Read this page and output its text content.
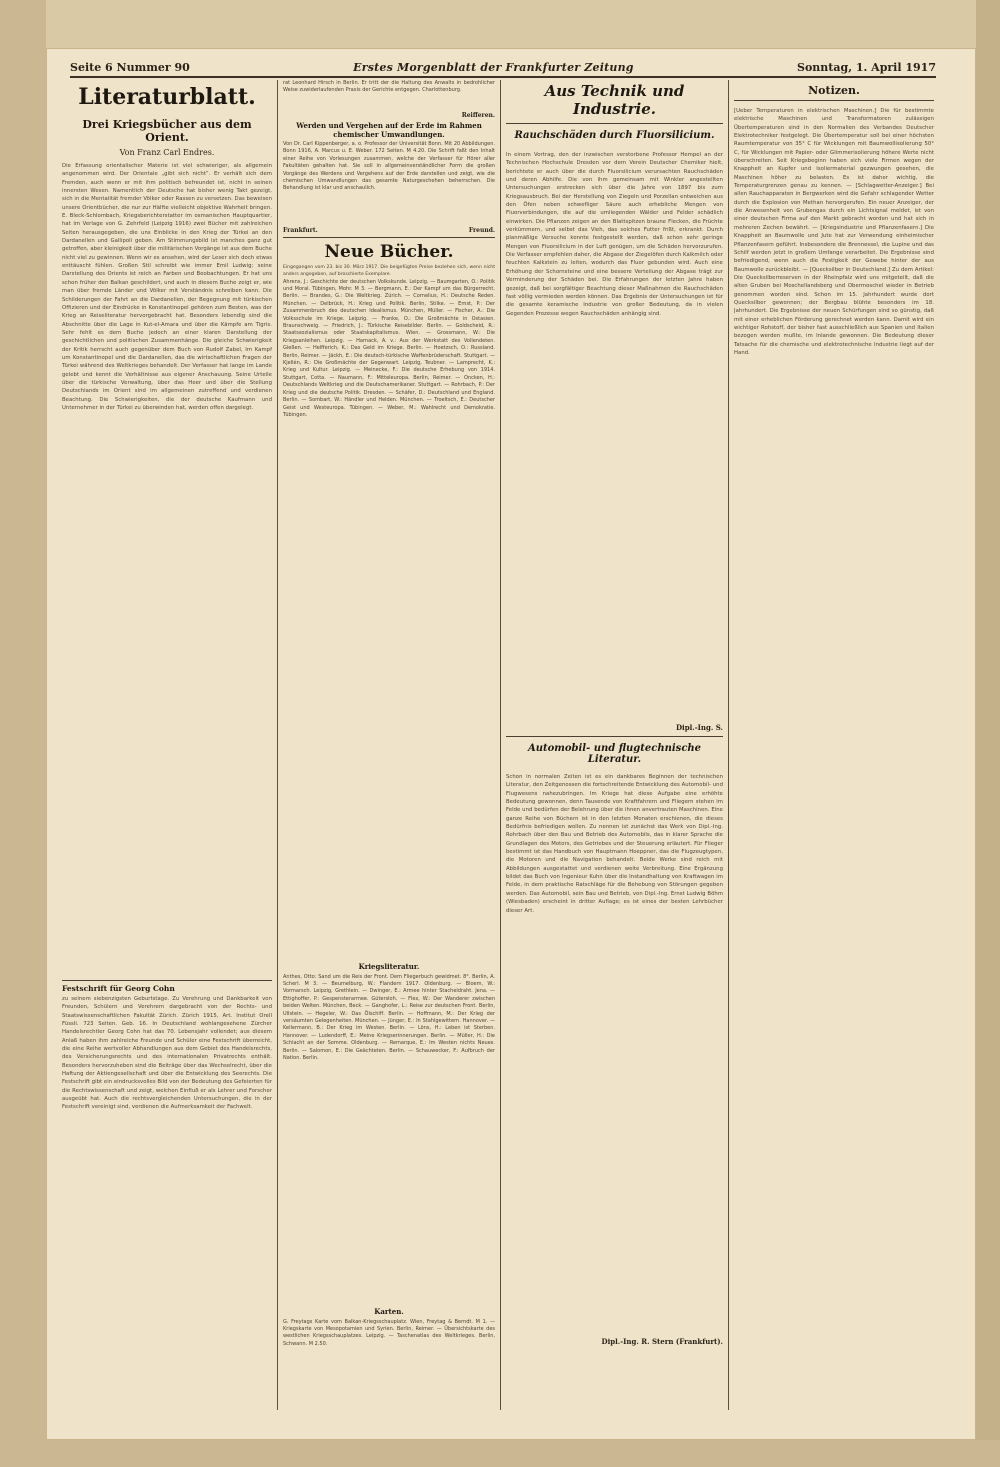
Seite 6 Nummer 90	Erstes Morgenblatt der Frankfurter Zeitung	Sonntag, 1. April 1917
Literaturblatt.
Drei Kriegsbücher aus dem Orient.
Von Franz Carl Endres.
Die Erfassung orientalischer Materie ist viel schwieriger, als allgemein angenommen wird. Der Orientale „gibt sich nicht“. Er verhält sich dem Fremden, auch wenn er mit ihm politisch befreundet ist, nicht in seinen innersten Wesen. Namentlich der Deutsche hat bisher wenig Takt gezeigt, sich in die Mentalität fremder Völker oder Rassen zu versetzen. Das beweisen unsere Orientbücher, die nur zur Hälfte vielleicht objektive Wahrheit bringen. E. Bleck-Schlombach, Kriegsberichterstatter im osmanischen Hauptquartier, hat im Verlage von G. Zehrfeld (Leipzig 1916) zwei Bücher mit zahlreichen Seiten herausgegeben, die uns Einblicke in den Krieg der Türkei an den Dardanellen und Gallipoli geben. Am Stimmungsbild ist manches ganz gut getroffen, aber kleinigkeit über die militärischen Vorgänge ist aus dem Buche nicht viel zu gewinnen. Wenn wir es ansehen, wird der Leser sich doch etwas enttäuscht fühlen. Großen Stil schreibt wie immer Emil Ludwig; seine Darstellung des Orients ist reich an Farben und Beobachtungen. Er hat uns schon früher den Balkan geschildert, und auch in diesem Buche zeigt er, wie man über fremde Länder und Völker mit Verständnis schreiben kann. Die Schilderungen der Fahrt an die Dardanellen, der Begegnung mit türkischen Offizieren und der Eindrücke in Konstantinopel gehören zum Besten, was der Krieg an Reiseliteratur hervorgebracht hat. Besonders lebendig sind die Abschnitte über die Lage in Kut-el-Amara und über die Kämpfe am Tigris. Sehr fehlt es dem Buche jedoch an einer klaren Darstellung der geschichtlichen und politischen Zusammenhänge. Die gleiche Schwierigkeit der Kritik herrscht auch gegenüber dem Buch von Rudolf Zabel, Im Kampf um Konstantinopel und die Dardanellen, das die wirtschaftlichen Fragen der Türkei während des Weltkrieges behandelt. Der Verfasser hat lange im Lande gelebt und kennt die Verhältnisse aus eigener Anschauung. Seine Urteile über die türkische Verwaltung, über das Heer und über die Stellung Deutschlands im Orient sind im allgemeinen zutreffend und verdienen Beachtung. Die Schwierigkeiten, die der deutsche Kaufmann und Unternehmer in der Türkei zu überwinden hat, werden offen dargelegt.
Festschrift für Georg Cohn
zu seinem siebenzigsten Geburtstage. Zu Verehrung und Dankbarkeit von Freunden, Schülern und Verehrern dargebracht von der Rechts- und Staatswissenschaftlichen Fakultät Zürich. Zürich 1915, Art. Institut Orell Füssli. 723 Seiten. Geb. 16. In Deutschland wohlangesehene Zürcher Handelsrechtler Georg Cohn hat das 70. Lebensjahr vollendet; aus diesem Anlaß haben ihm zahlreiche Freunde und Schüler eine Festschrift überreicht, die eine Reihe wertvoller Abhandlungen aus dem Gebiet des Handelsrechts, des Versicherungsrechts und des internationalen Privatrechts enthält. Besonders hervorzuheben sind die Beiträge über das Wechselrecht, über die Haftung der Aktiengesellschaft und über die Entwicklung des Seerechts. Die Festschrift gibt ein eindrucksvolles Bild von der Bedeutung des Gefeierten für die Rechtswissenschaft und zeigt, welchen Einfluß er als Lehrer und Forscher ausgeübt hat. Auch die rechtsvergleichenden Untersuchungen, die in der Festschrift vereinigt sind, verdienen die Aufmerksamkeit der Fachwelt.
rat Leonhard Hirsch in Berlin. Er tritt der die Haltung des Anwalts in bedrohlicher Weise zuwiderlaufenden Praxis der Gerichte entgegen. Charlottenburg.
Reifferen.
Werden und Vergehen auf der Erde im Rahmen chemischer Umwandlungen.
Von Dr. Carl Kippenberger, a. o. Professor der Universität Bonn. Mit 20 Abbildungen. Bonn 1916, A. Marcus u. E. Weber. 172 Seiten. M 4.20. Die Schrift faßt den Inhalt einer Reihe von Vorlesungen zusammen, welche der Verfasser für Hörer aller Fakultäten gehalten hat. Sie soll in allgemeinverständlicher Form die großen Vorgänge des Werdens und Vergehens auf der Erde darstellen und zeigt, wie die chemischen Umwandlungen das gesamte Naturgeschehen beherrschen. Die Behandlung ist klar und anschaulich.
Frankfurt.	Freund.
Neue Bücher.
Eingegangen vom 23. bis 30. März 1917. Die beigefügten Preise beziehen sich, wenn nicht anders angegeben, auf broschierte Exemplare.
Ahrens, J.: Geschichte der deutschen Volkskunde. Leipzig. — Baumgarten, O.: Politik und Moral. Tübingen, Mohr. M 3. — Bergmann, E.: Der Kampf um das Bürgerrecht. Berlin. — Brandes, G.: Die Weltkrieg. Zürich. — Cornelius, H.: Deutsche Reden. München. — Delbrück, H.: Krieg und Politik. Berlin, Stilke. — Ernst, P.: Der Zusammenbruch des deutschen Idealismus. München, Müller. — Fischer, A.: Die Volksschule im Kriege. Leipzig. — Franke, O.: Die Großmächte in Ostasien. Braunschweig. — Friedrich, J.: Türkische Reisebilder. Berlin. — Goldscheid, R.: Staatssozialismus oder Staatskapitalismus. Wien. — Grossmann, W.: Die Kriegsanleihen. Leipzig. — Harnack, A. v.: Aus der Werkstatt des Vollendeten. Gießen. — Helfferich, K.: Das Geld im Kriege. Berlin. — Hoetzsch, O.: Russland. Berlin, Reimer. — Jäckh, E.: Die deutsch-türkische Waffenbrüderschaft. Stuttgart. — Kjellén, R.: Die Großmächte der Gegenwart. Leipzig, Teubner. — Lamprecht, K.: Krieg und Kultur. Leipzig. — Meinecke, F.: Die deutsche Erhebung von 1914. Stuttgart, Cotta. — Naumann, F.: Mitteleuropa. Berlin, Reimer. — Oncken, H.: Deutschlands Weltkrieg und die Deutschamerikaner. Stuttgart. — Rohrbach, P.: Der Krieg und die deutsche Politik. Dresden. — Schäfer, D.: Deutschland und England. Berlin. — Sombart, W.: Händler und Helden. München. — Troeltsch, E.: Deutscher Geist und Westeuropa. Tübingen. — Weber, M.: Wahlrecht und Demokratie. Tübingen.
Kriegsliteratur.
Anthes, Otto: Sand um die Reis der Front. Dem Fliegerbuch gewidmet. 8°. Berlin, A. Scherl. M 3. — Beumelburg, W.: Flandern 1917. Oldenburg. — Bloem, W.: Vormarsch. Leipzig, Grethlein. — Dwinger, E.: Armee hinter Stacheldraht. Jena. — Ettighoffer, P.: Gespensterarmee. Gütersloh. — Flex, W.: Der Wanderer zwischen beiden Welten. München, Beck. — Ganghofer, L.: Reise zur deutschen Front. Berlin, Ullstein. — Hegeler, W.: Das Ölschiff. Berlin. — Hoffmann, M.: Der Krieg der versäumten Gelegenheiten. München. — Jünger, E.: In Stahlgewittern. Hannover. — Kellermann, B.: Der Krieg im Westen. Berlin. — Löns, H.: Leben ist Sterben. Hannover. — Ludendorff, E.: Meine Kriegserinnerungen. Berlin. — Müller, H.: Die Schlacht an der Somme. Oldenburg. — Remarque, E.: Im Westen nichts Neues. Berlin. — Salomon, E.: Die Geächteten. Berlin. — Schauwecker, F.: Aufbruch der Nation. Berlin.
Karten.
G. Freytags Karte vom Balkan-Kriegsschauplatz. Wien, Freytag & Berndt. M 1. — Kriegskarte von Mesopotamien und Syrien. Berlin, Reimer. — Übersichtskarte des westlichen Kriegsschauplatzes. Leipzig. — Taschenatlas des Weltkrieges. Berlin, Schwann. M 2.50.
Aus Technik und Industrie.
Rauchschäden durch Fluorsilicium.
In einem Vortrag, den der inzwischen verstorbene Professor Hempel an der Technischen Hochschule Dresden vor dem Verein Deutscher Chemiker hielt, berichtete er auch über die durch Fluorsilicium verursachten Rauchschäden und deren Abhilfe. Die von ihm gemeinsam mit Winkler angestellten Untersuchungen erstrecken sich über die Jahre von 1897 bis zum Kriegsausbruch. Bei der Herstellung von Ziegeln und Porzellan entweichen aus den Öfen neben schwefliger Säure auch erhebliche Mengen von Fluorverbindungen, die auf die umliegenden Wälder und Felder schädlich einwirken. Die Pflanzen zeigen an den Blattspitzen braune Flecken, die Früchte verkümmern, und selbst das Vieh, das solches Futter frißt, erkrankt. Durch planmäßige Versuche konnte festgestellt werden, daß schon sehr geringe Mengen von Fluorsilicium in der Luft genügen, um die Schäden hervorzurufen. Die Verfasser empfehlen daher, die Abgase der Ziegelöfen durch Kalkmilch oder feuchten Kalkstein zu leiten, wodurch das Fluor gebunden wird. Auch eine Erhöhung der Schornsteine und eine bessere Verteilung der Abgase trägt zur Verminderung der Schäden bei. Die Erfahrungen der letzten Jahre haben gezeigt, daß bei sorgfältiger Beachtung dieser Maßnahmen die Rauchschäden fast völlig vermieden werden können. Das Ergebnis der Untersuchungen ist für die gesamte keramische Industrie von großer Bedeutung, da in vielen Gegenden Prozesse wegen Rauchschäden anhängig sind.
Dipl.-Ing. S.
Automobil- und flugtechnische Literatur.
Schon in normalen Zeiten ist es ein dankbares Beginnen der technischen Literatur, den Zeitgenossen die fortschreitende Entwicklung des Automobil- und Flugwesens nahezubringen. Im Kriege hat diese Aufgabe eine erhöhte Bedeutung gewonnen, denn Tausende von Kraftfahrern und Fliegern stehen im Felde und bedürfen der Belehrung über die ihnen anvertrauten Maschinen. Eine ganze Reihe von Büchern ist in den letzten Monaten erschienen, die dieses Bedürfnis befriedigen wollen. Zu nennen ist zunächst das Werk von Dipl.-Ing. Rohrbach über den Bau und Betrieb des Automobils, das in klarer Sprache die Grundlagen des Motors, des Getriebes und der Steuerung erläutert. Für Flieger bestimmt ist das Handbuch von Hauptmann Hoeppner, das die Flugzeugtypen, die Motoren und die Navigation behandelt. Beide Werke sind reich mit Abbildungen ausgestattet und verdienen weite Verbreitung. Eine Ergänzung bildet das Buch von Ingenieur Kuhn über die Instandhaltung von Kraftwagen im Felde, in dem praktische Ratschläge für die Behebung von Störungen gegeben werden. Das Automobil, sein Bau und Betrieb, von Dipl.-Ing. Ernst Ludwig Böhm (Wiesbaden) erscheint in dritter Auflage; es ist eines der besten Lehrbücher dieser Art.
Dipl.-Ing. R. Stern (Frankfurt).
Notizen.
[Ueber Temperaturen in elektrischen Maschinen.] Die für bestimmte elektrische Maschinen und Transformatoren zulässigen Übertemperaturen sind in den Normalien des Verbandes Deutscher Elektrotechniker festgelegt. Die Übertemperatur soll bei einer höchsten Raumtemperatur von 35° C für Wicklungen mit Baumwollisolierung 50° C, für Wicklungen mit Papier- oder Glimmerisolierung höhere Werte nicht überschreiten. Seit Kriegsbeginn haben sich viele Firmen wegen der Knappheit an Kupfer und Isoliermaterial gezwungen gesehen, die Maschinen höher zu belasten. Es ist daher wichtig, die Temperaturgrenzen genau zu kennen. — [Schlagwetter-Anzeiger.] Bei allen Rauchapparaten in Bergwerken wird die Gefahr schlagender Wetter durch die Explosion von Methan hervorgerufen. Ein neuer Anzeiger, der die Anwesenheit von Grubengas durch ein Lichtsignal meldet, ist von einer deutschen Firma auf den Markt gebracht worden und hat sich in mehreren Zechen bewährt. — [Kriegsindustrie und Pflanzenfasern.] Die Knappheit an Baumwolle und Jute hat zur Verwendung einheimischer Pflanzenfasern geführt. Insbesondere die Brennessel, die Lupine und das Schilf werden jetzt in großem Umfange verarbeitet. Die Ergebnisse sind befriedigend, wenn auch die Festigkeit der Gewebe hinter der aus Baumwolle zurückbleibt. — [Quecksilber in Deutschland.] Zu dem Artikel: Die Quecksilberreserven in der Rheinpfalz wird uns mitgeteilt, daß die alten Gruben bei Moschellandsberg und Obermoschel wieder in Betrieb genommen worden sind. Schon im 15. Jahrhundert wurde dort Quecksilber gewonnen; der Bergbau blühte besonders im 18. Jahrhundert. Die Ergebnisse der neuen Schürfungen sind so günstig, daß mit einer erheblichen Förderung gerechnet werden kann. Damit wird ein wichtiger Rohstoff, der bisher fast ausschließlich aus Spanien und Italien bezogen werden mußte, im Inlande gewonnen. Die Bedeutung dieser Tatsache für die chemische und elektrotechnische Industrie liegt auf der Hand.
